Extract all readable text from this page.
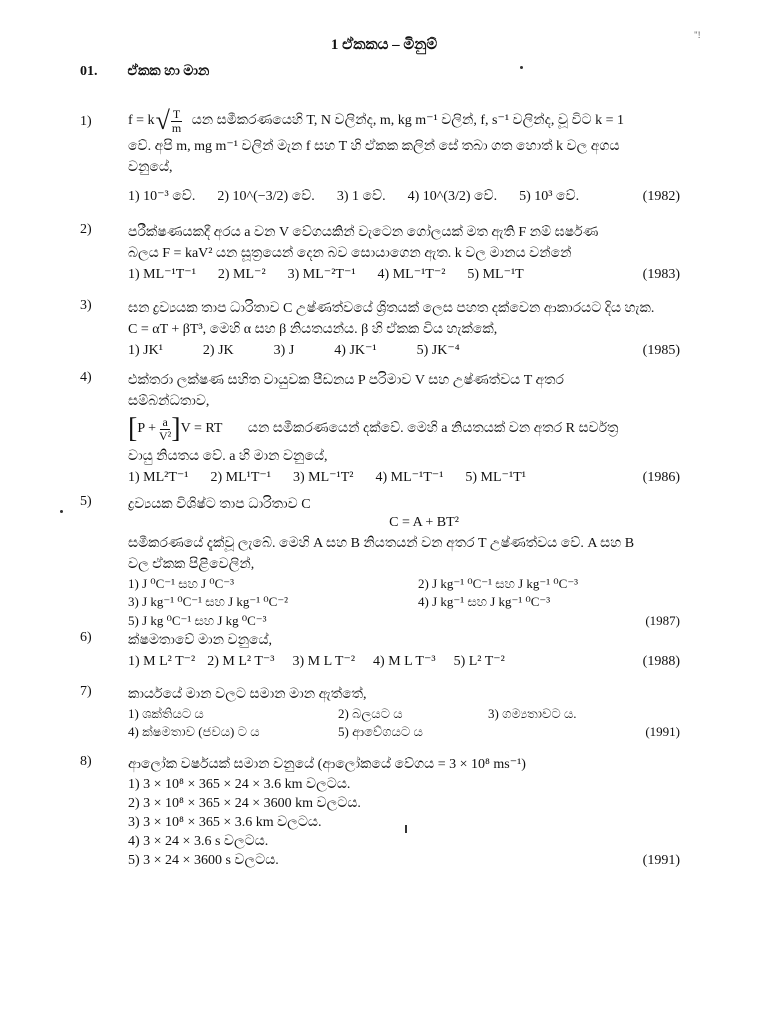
1 ඒකකය – මිනුම්
"!
01. ඒකක හා මාන
1)	f = k √ $\frac{T}{m}$ යන සමීකරණයෙහි T, N වලින්ද, m, kg m⁻¹ වලින්, f, s⁻¹ වලින්ද, වූ විට k = 1
වේ. අපි m, mg m⁻¹ වලින් මැන f සහ T හි ඒකක කලින් සේ තබා ගත හොත් k වල අගය
වනුයේ,
1) 10⁻³ වේ. 2) 10^(−3/2) වේ. 3) 1 වේ. 4) 10^(3/2) වේ. 5) 10³ වේ.	(1982)
2)	පරීක්ෂණයකදී අරය a වන V වේගයකින් වැටෙන ගෝලයක් මත ඇති F නම් ඝර්ෂණ
බලය F = kaV² යන සූත්‍රයෙන් දෙන බව සොයාගෙන ඇත. k වල මානය වන්නේ
1) ML⁻¹T⁻¹ 2) ML⁻² 3) ML⁻²T⁻¹ 4) ML⁻¹T⁻² 5) ML⁻¹T	(1983)
3)	ඝන ද්‍රව්‍යයක තාප ධාරිතාව C උෂ්ණත්වයේ ශ්‍රිතයක් ලෙස පහත දක්වෙන ආකාරයට දිය හැක.
C = αT + βT³, මෙහි α සහ β නියතයන්ය. β හි ඒකක විය හැක්කේ,
1) JK¹	2) JK	3) J	4) JK⁻¹	5) JK⁻⁴	(1985)
4)	එක්තරා ලක්ෂණ සහිත වායුවක පීඩනය P පරිමාව V සහ උෂ්ණත්වය T අතර
සම්බන්ධතාව,
[ $P + \frac{a}{\text{V²}}$ ] V = RT යන සමීකරණයෙන් දක්වේ. මෙහි a නියතයක් වන අතර R සර්වත්‍ර
වායු නියතය වේ. a හි මාන වනුයේ,
1) ML²T⁻¹ 2) ML¹T⁻¹ 3) ML⁻¹T² 4) ML⁻¹T⁻¹ 5) ML⁻¹T¹	(1986)
5)	ද්‍රව්‍යයක විශිෂ්ට තාප ධාරිතාව C
C = A + BT²
සමීකරණයේ දැක්වූ ලැබේ. මෙහි A සහ B නියතයන් වන අතර T උෂ්ණත්වය වේ. A සහ B
වල ඒකක පිළිවෙලින්,
1) J ⁰C⁻¹ සහ J ⁰C⁻³	2) J kg⁻¹ ⁰C⁻¹ සහ J kg⁻¹ ⁰C⁻³
3) J kg⁻¹ ⁰C⁻¹ සහ J kg⁻¹ ⁰C⁻²	4) J kg⁻¹ සහ J kg⁻¹ ⁰C⁻³
5) J kg ⁰C⁻¹ සහ J kg ⁰C⁻³	(1987)
6)	ක්ෂමතාවේ මාන වනුයේ,
1) M L² T⁻² 2) M L² T⁻³ 3) M L T⁻² 4) M L T⁻³ 5) L² T⁻²	(1988)
7)	කාර්යයේ මාන වලට සමාන මාන ඇත්තේ,
1) ශක්තියට ය	2) බලයට ය	3) ගම්‍යතාවට ය.
4) ක්ෂමතාව (ජවය) ට ය	5) ආවේගයට ය	(1991)
8)	ආලෝක වර්ෂයක් සමාන වනුයේ (ආලෝකයේ වේගය = 3 × 10⁸ ms⁻¹)
1) 3 × 10⁸ × 365 × 24 × 3.6 km වලටය.
2) 3 × 10⁸ × 365 × 24 × 3600 km වලටය.
3) 3 × 10⁸ × 365 × 3.6 km වලටය.
4) 3 × 24 × 3.6 s වලටය.
5) 3 × 24 × 3600 s වලටය.	(1991)
